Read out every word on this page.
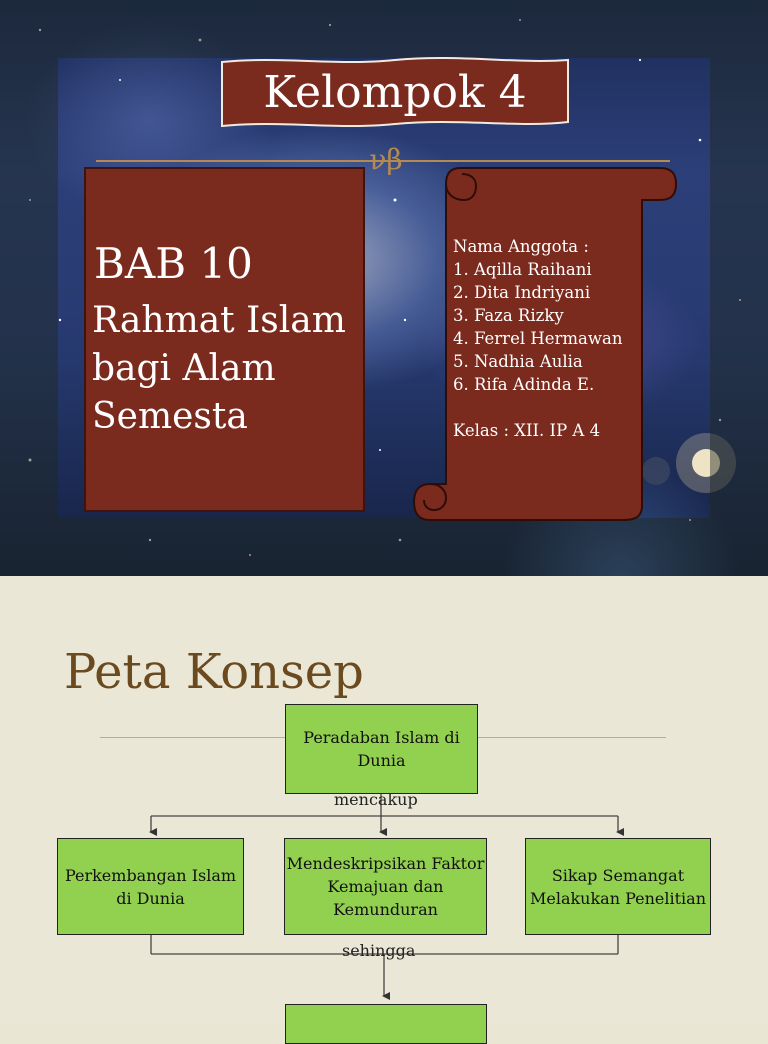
Kelompok 4
νβ
BAB 10
Rahmat Islam bagi Alam Semesta
Nama Anggota :
1. Aqilla Raihani
2. Dita Indriyani
3. Faza Rizky
4. Ferrel Hermawan
5. Nadhia Aulia
6. Rifa Adinda E.
Kelas : XII. IP A 4
Peta Konsep
Peradaban Islam di Dunia
mencakup
Perkembangan Islam di Dunia
Mendeskripsikan Faktor Kemajuan dan Kemunduran
Sikap Semangat Melakukan Penelitian
sehingga
